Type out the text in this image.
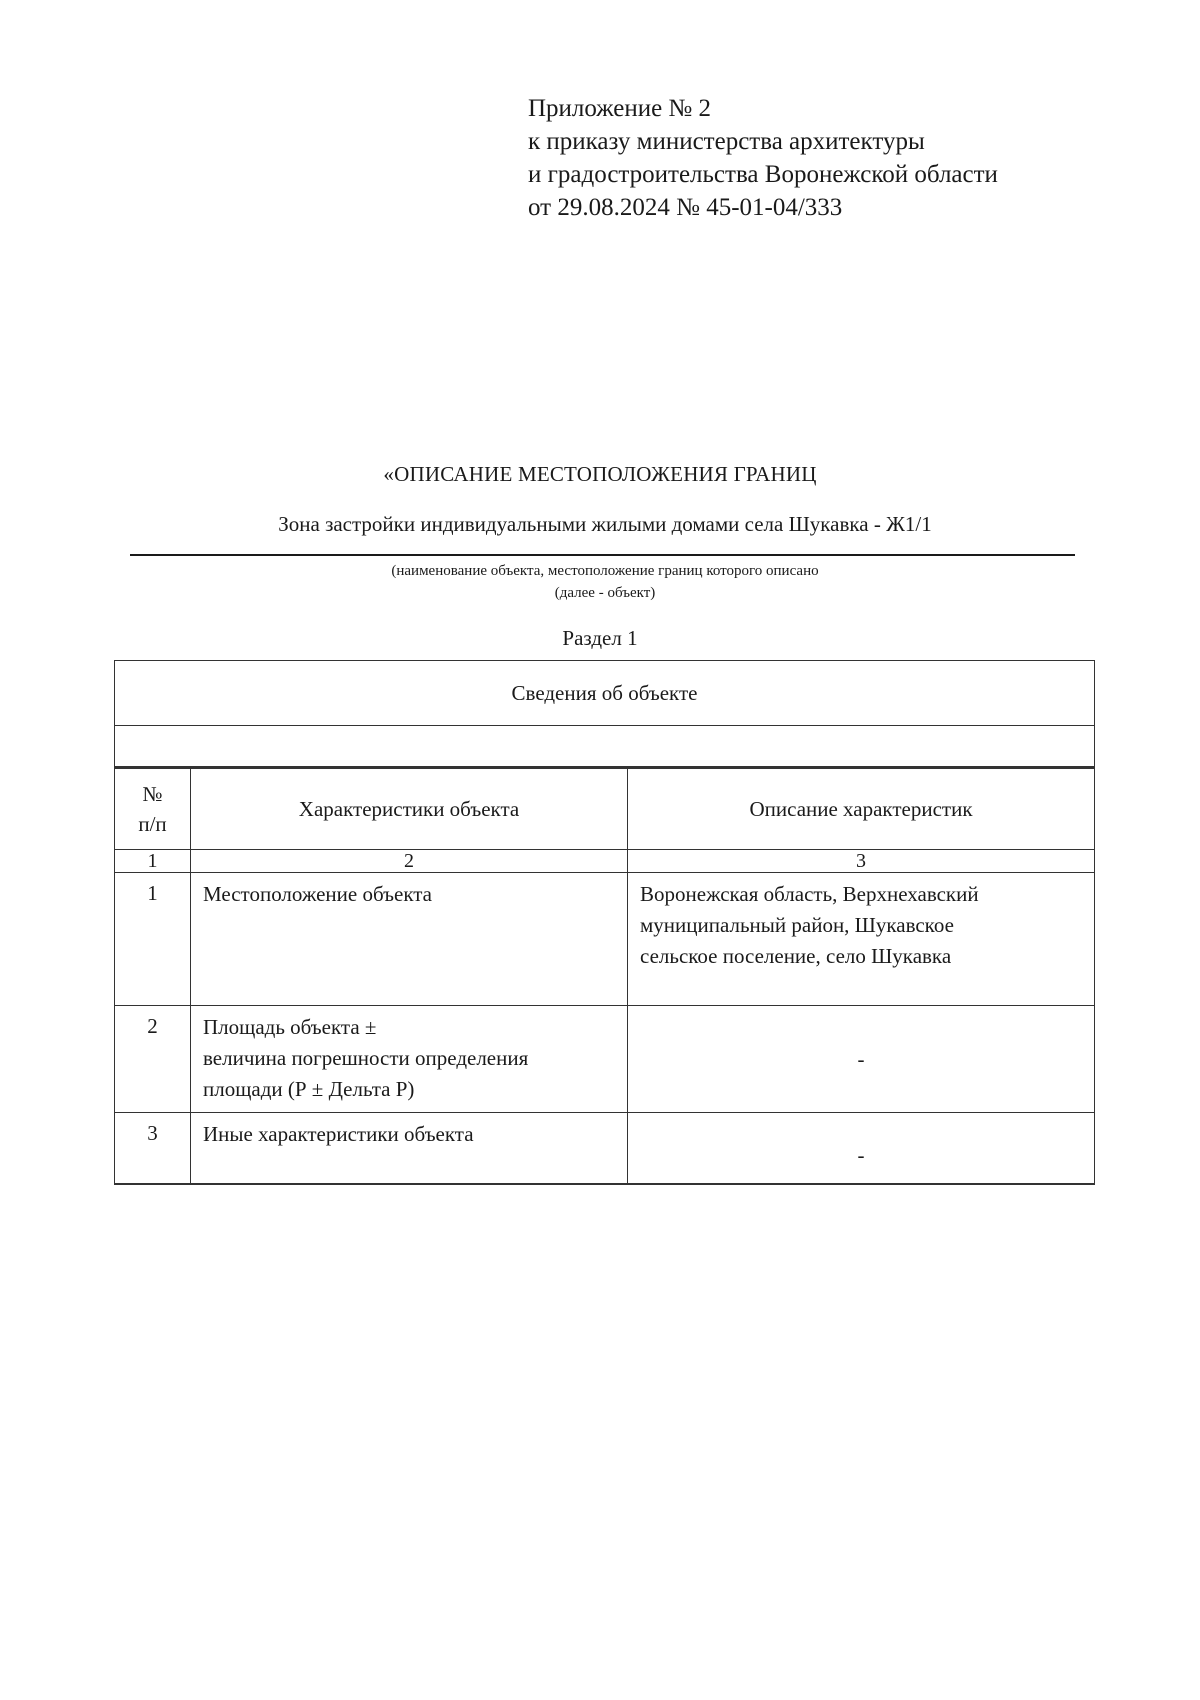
Приложение № 2
к приказу министерства архитектуры
и градостроительства Воронежской области
от 29.08.2024 № 45-01-04/333
«ОПИСАНИЕ МЕСТОПОЛОЖЕНИЯ ГРАНИЦ
Зона застройки индивидуальными жилыми домами села Шукавка - Ж1/1
(наименование объекта, местоположение границ которого описано
(далее - объект)
Раздел 1
Сведения об объекте		

№
п/п	Характеристики объекта	Описание характеристик
1	2	3
1	Местоположение объекта	Воронежская область, Верхнехавский
муниципальный район, Шукавское
сельское поселение, село Шукавка

2	Площадь объекта ±
величина погрешности определения
площади (Р ± Дельта Р)	-
3	Иные характеристики объекта	-
